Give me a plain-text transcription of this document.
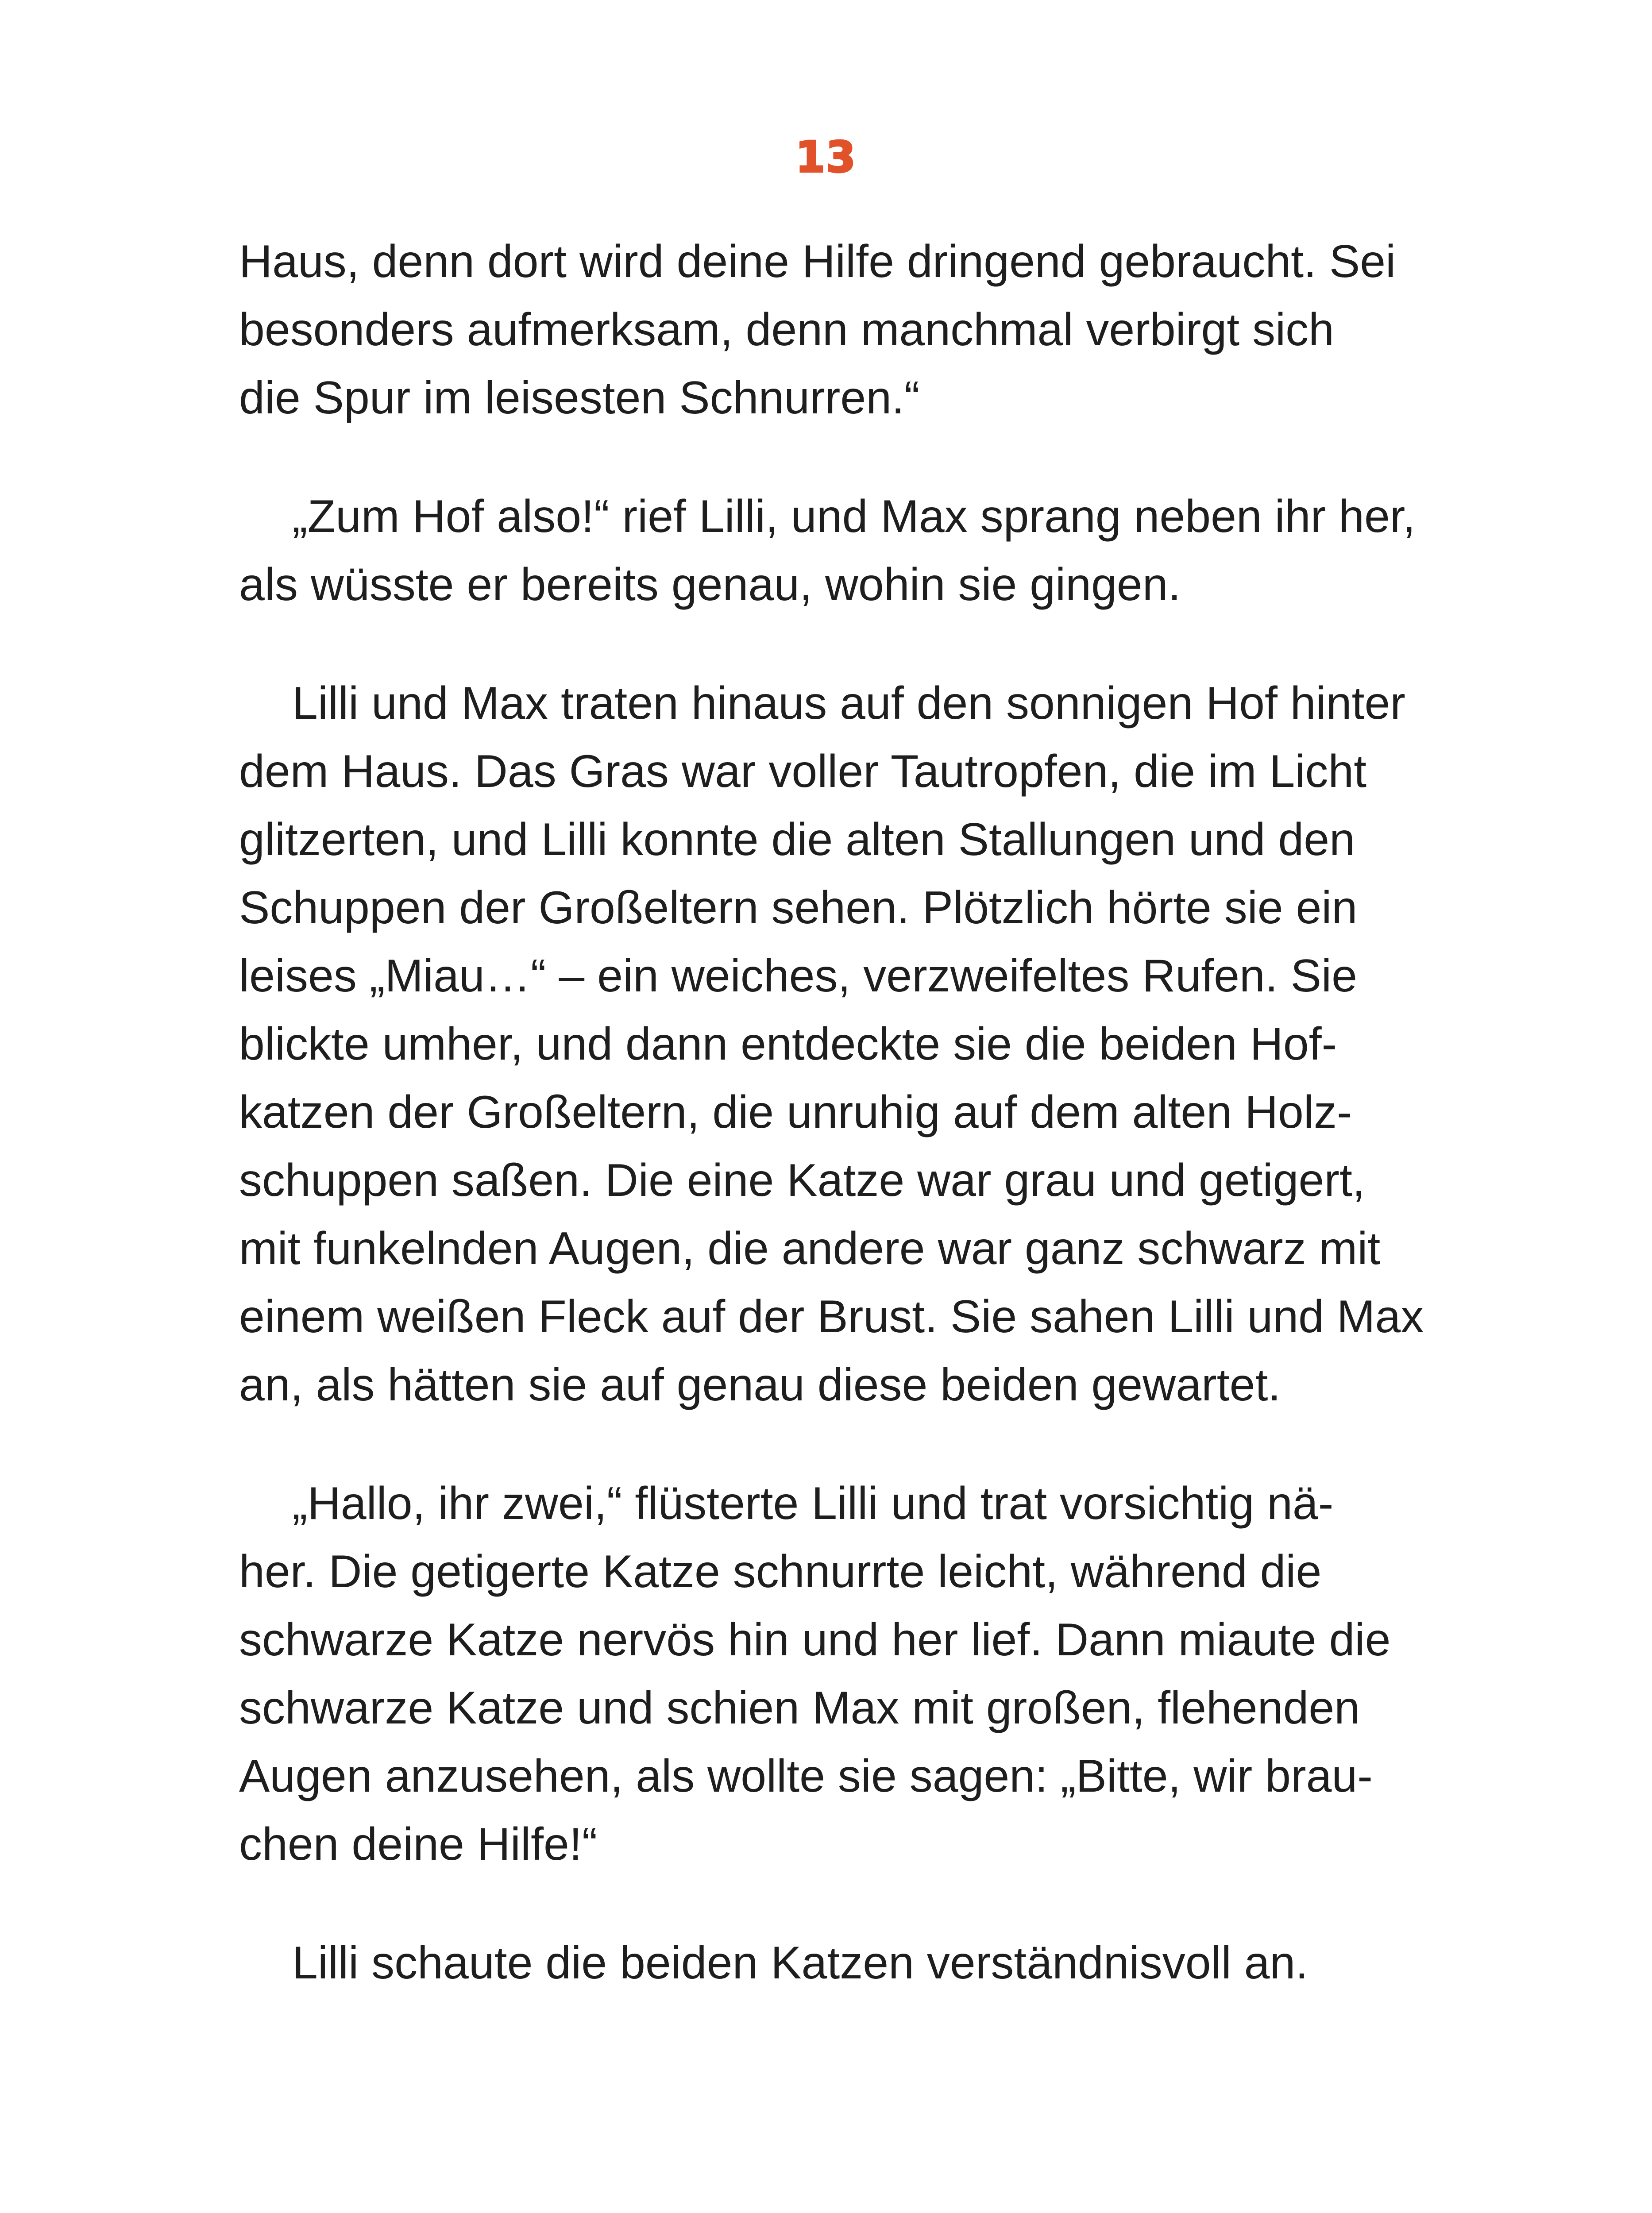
13

Haus, denn dort wird deine Hilfe dringend gebraucht. Sei
besonders aufmerksam, denn manchmal verbirgt sich
die Spur im leisesten Schnurren.“

„Zum Hof also!“ rief Lilli, und Max sprang neben ihr her,
als wüsste er bereits genau, wohin sie gingen.

Lilli und Max traten hinaus auf den sonnigen Hof hinter
dem Haus. Das Gras war voller Tautropfen, die im Licht
glitzerten, und Lilli konnte die alten Stallungen und den
Schuppen der Großeltern sehen. Plötzlich hörte sie ein
leises „Miau…“ – ein weiches, verzweifeltes Rufen. Sie
blickte umher, und dann entdeckte sie die beiden Hof-
katzen der Großeltern, die unruhig auf dem alten Holz-
schuppen saßen. Die eine Katze war grau und getigert,
mit funkelnden Augen, die andere war ganz schwarz mit
einem weißen Fleck auf der Brust. Sie sahen Lilli und Max
an, als hätten sie auf genau diese beiden gewartet.

„Hallo, ihr zwei,“ flüsterte Lilli und trat vorsichtig nä-
her. Die getigerte Katze schnurrte leicht, während die
schwarze Katze nervös hin und her lief. Dann miaute die
schwarze Katze und schien Max mit großen, flehenden
Augen anzusehen, als wollte sie sagen: „Bitte, wir brau-
chen deine Hilfe!“

Lilli schaute die beiden Katzen verständnisvoll an.
